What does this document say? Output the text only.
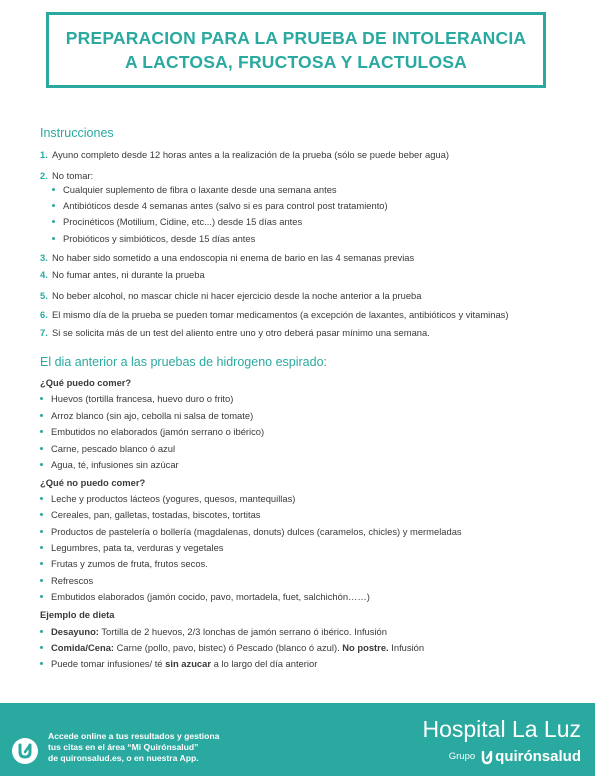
PREPARACION PARA LA PRUEBA DE INTOLERANCIA
A LACTOSA, FRUCTOSA Y LACTULOSA
Instrucciones
1. Ayuno completo desde 12 horas antes a la realización de la prueba (sólo se puede beber agua)
2. No tomar:
Cualquier suplemento de fibra o laxante desde una semana antes
Antibióticos desde 4 semanas antes (salvo si es para control post tratamiento)
Procinéticos (Motilium, Cidine, etc...) desde 15 días antes
Probióticos y simbióticos, desde 15 días antes
3. No haber sido sometido a una endoscopia ni enema de bario en las 4 semanas previas
4. No fumar antes, ni durante la prueba
5. No beber alcohol, no mascar chicle ni hacer ejercicio desde la noche anterior a la prueba
6. El mismo día de la prueba se pueden tomar medicamentos (a excepción de laxantes, antibióticos y vitaminas)
7. Si se solicita más de un test del aliento entre uno y otro deberá pasar mínimo una semana.
El dia anterior a las pruebas de hidrogeno espirado:
¿Qué puedo comer?
Huevos (tortilla francesa, huevo duro o frito)
Arroz blanco (sin ajo, cebolla ni salsa de tomate)
Embutidos no elaborados (jamón serrano o ibérico)
Carne, pescado blanco ó azul
Agua, té, infusiones sin azúcar
¿Qué no puedo comer?
Leche y productos lácteos (yogures, quesos, mantequillas)
Cereales, pan, galletas, tostadas, biscotes, tortitas
Productos de pastelería o bollería (magdalenas, donuts) dulces (caramelos, chicles) y mermeladas
Legumbres, pata ta, verduras y vegetales
Frutas y zumos de fruta, frutos secos.
Refrescos
Embutidos elaborados (jamón cocido, pavo, mortadela, fuet, salchichón……)
Ejemplo de dieta
Desayuno: Tortilla de 2 huevos, 2/3 lonchas de jamón serrano ó ibérico. Infusión
Comida/Cena: Carne (pollo, pavo, bistec) ó Pescado (blanco ó azul). No postre. Infusión
Puede tomar infusiones/ té sin azucar a lo largo del día anterior
Accede online a tus resultados y gestiona
tus citas en el área “Mi Quirónsalud”
de quironsalud.es, o en nuestra App.
Hospital La Luz
Grupo quirónsalud
